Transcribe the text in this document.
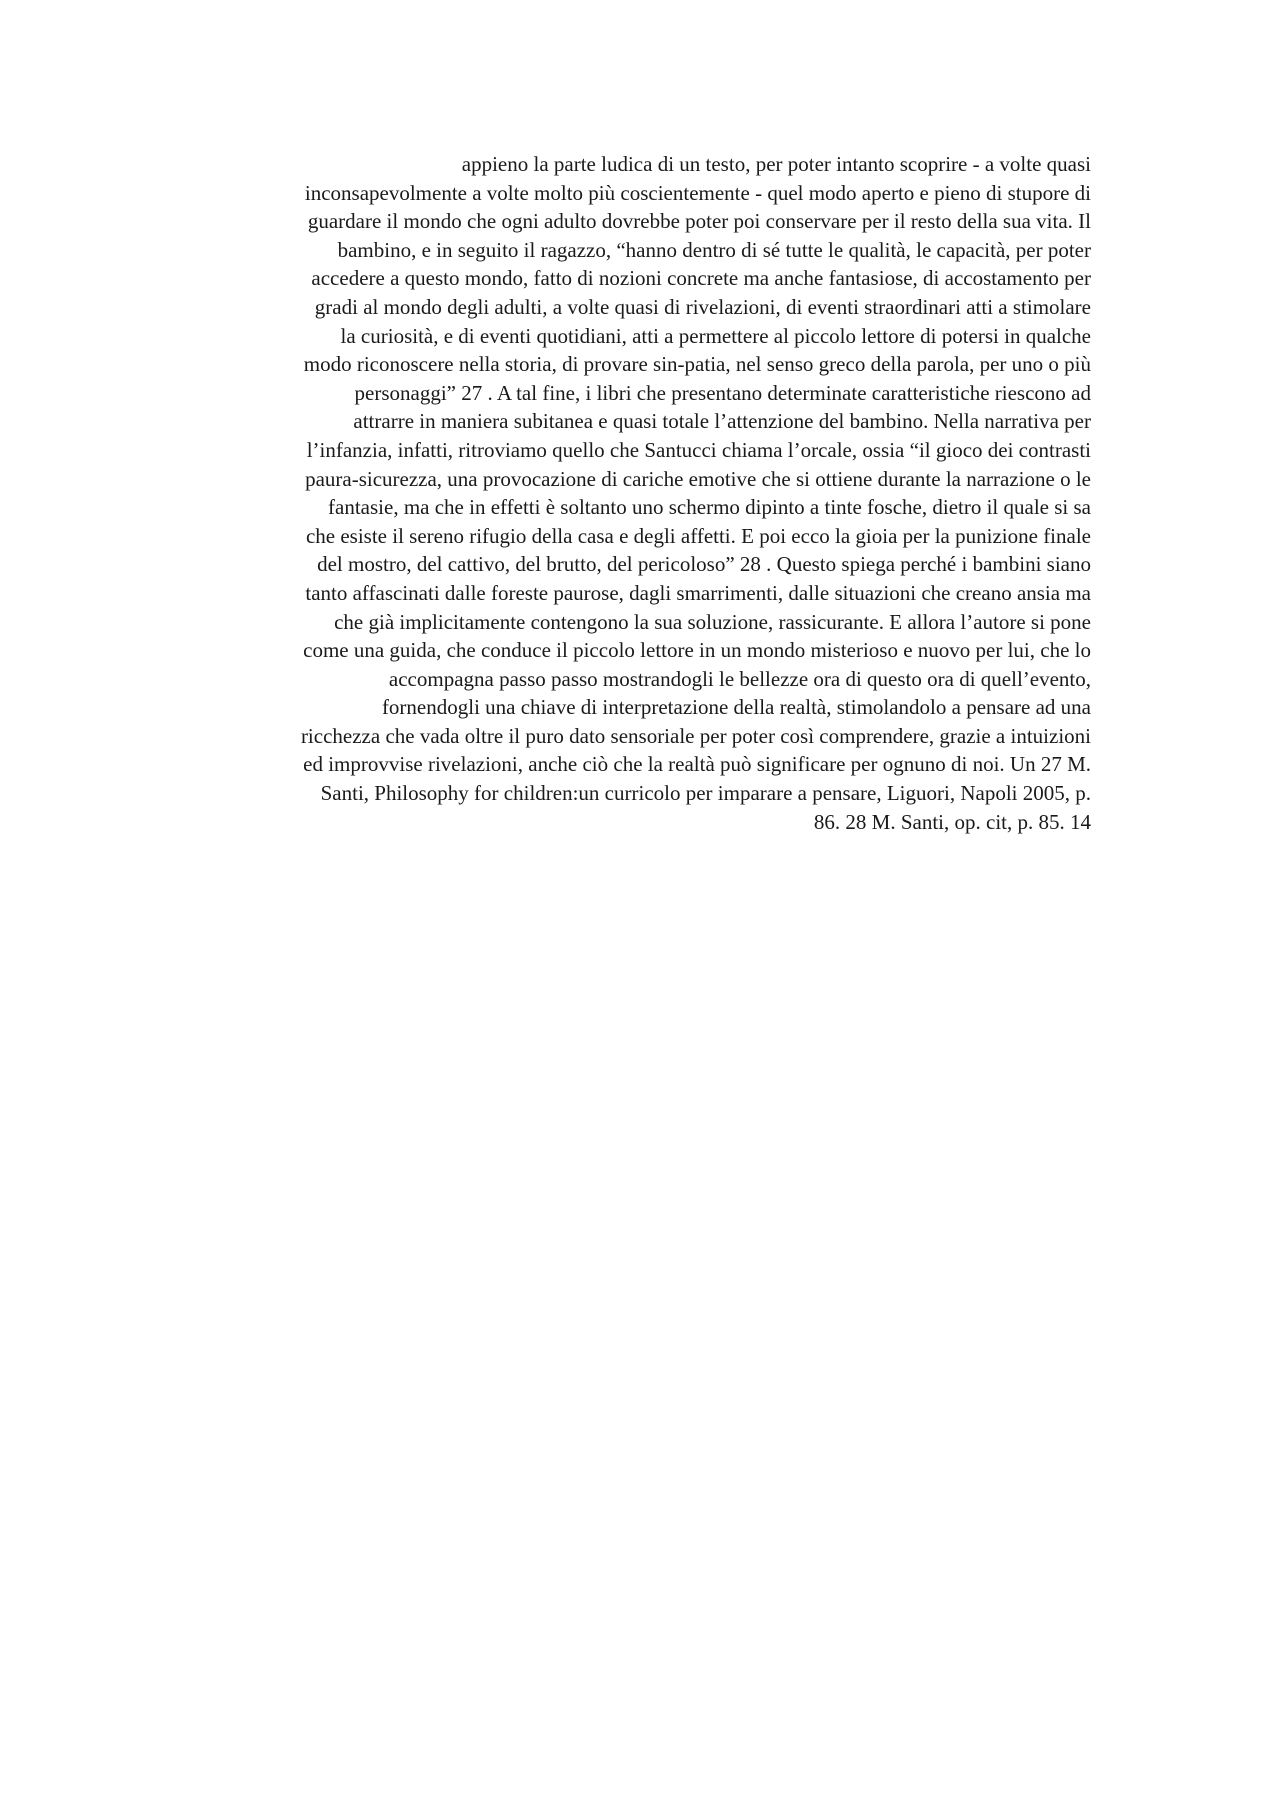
appieno la parte ludica di un testo, per poter intanto scoprire - a volte quasi
inconsapevolmente a volte molto più coscientemente - quel modo aperto e pieno di stupore di
guardare il mondo che ogni adulto dovrebbe poter poi conservare per il resto della sua vita. Il
bambino, e in seguito il ragazzo, “hanno dentro di sé tutte le qualità, le capacità, per poter
accedere a questo mondo, fatto di nozioni concrete ma anche fantasiose, di accostamento per
gradi al mondo degli adulti, a volte quasi di rivelazioni, di eventi straordinari atti a stimolare
la curiosità, e di eventi quotidiani, atti a permettere al piccolo lettore di potersi in qualche
modo riconoscere nella storia, di provare sin-patia, nel senso greco della parola, per uno o più
personaggi” 27 . A tal fine, i libri che presentano determinate caratteristiche riescono ad
attrarre in maniera subitanea e quasi totale l’attenzione del bambino. Nella narrativa per
l’infanzia, infatti, ritroviamo quello che Santucci chiama l’orcale, ossia “il gioco dei contrasti
paura-sicurezza, una provocazione di cariche emotive che si ottiene durante la narrazione o le
fantasie, ma che in effetti è soltanto uno schermo dipinto a tinte fosche, dietro il quale si sa
che esiste il sereno rifugio della casa e degli affetti. E poi ecco la gioia per la punizione finale
del mostro, del cattivo, del brutto, del pericoloso” 28 . Questo spiega perché i bambini siano
tanto affascinati dalle foreste paurose, dagli smarrimenti, dalle situazioni che creano ansia ma
che già implicitamente contengono la sua soluzione, rassicurante. E allora l’autore si pone
come una guida, che conduce il piccolo lettore in un mondo misterioso e nuovo per lui, che lo
accompagna passo passo mostrandogli le bellezze ora di questo ora di quell’evento,
fornendogli una chiave di interpretazione della realtà, stimolandolo a pensare ad una
ricchezza che vada oltre il puro dato sensoriale per poter così comprendere, grazie a intuizioni
ed improvvise rivelazioni, anche ciò che la realtà può significare per ognuno di noi. Un 27 M.
Santi, Philosophy for children:un curricolo per imparare a pensare, Liguori, Napoli 2005, p.
86. 28 M. Santi, op. cit, p. 85. 14
